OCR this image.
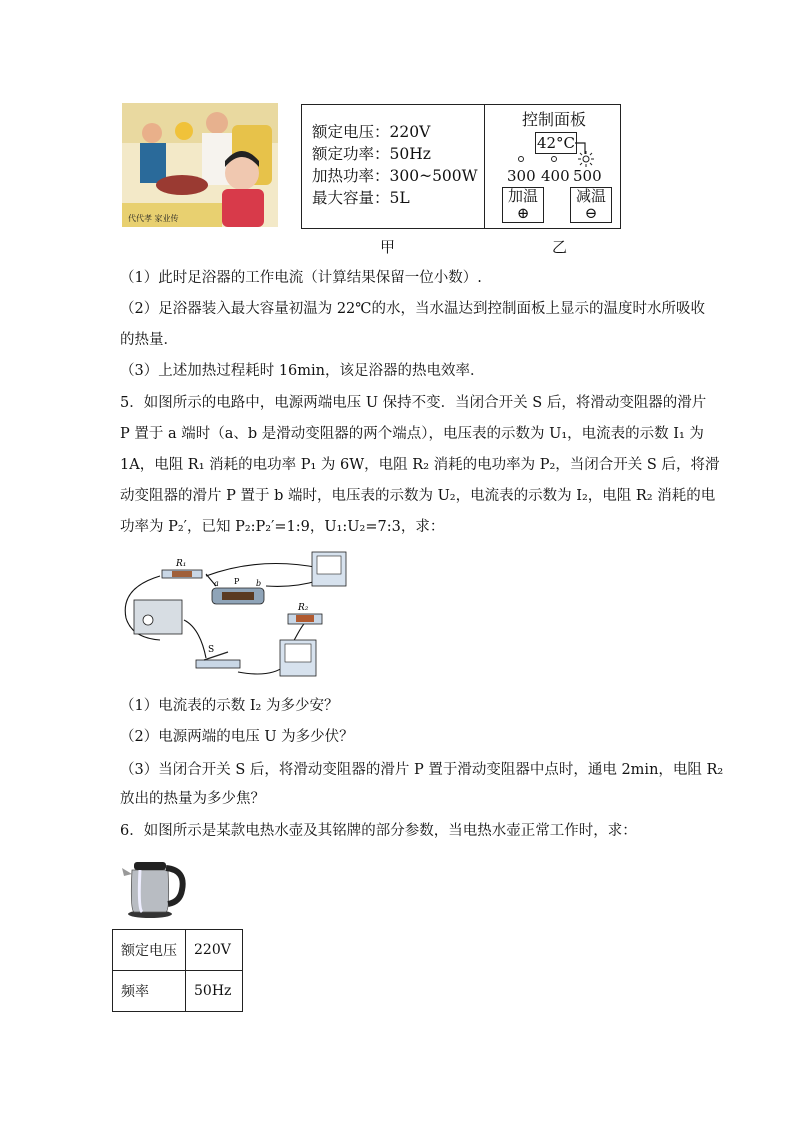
代代孝 家业传
额定电压：220V
额定功率：50Hz
加热功率：300~500W
最大容量：5L
控制面板
42°C
300 400 500
加温
⊕
减温
⊖
甲	乙
（1）此时足浴器的工作电流（计算结果保留一位小数）.
（2）足浴器装入最大容量初温为 22℃的水，当水温达到控制面板上显示的温度时水所吸收
的热量．
（3）上述加热过程耗时 16min，该足浴器的热电效率．
5．如图所示的电路中，电源两端电压 U 保持不变．当闭合开关 S 后，将滑动变阻器的滑片
P 置于 a 端时（a、b 是滑动变阻器的两个端点），电压表的示数为 U₁，电流表的示数 I₁ 为
1A，电阻 R₁ 消耗的电功率 P₁ 为 6W，电阻 R₂ 消耗的电功率为 P₂，当闭合开关 S 后，将滑
动变阻器的滑片 P 置于 b 端时，电压表的示数为 U₂，电流表的示数为 I₂，电阻 R₂ 消耗的电
功率为 P₂′，已知 P₂:P₂′=1:9，U₁:U₂=7:3，求：
R₁
a P b
R₂
S
（1）电流表的示数 I₂ 为多少安？
（2）电源两端的电压 U 为多少伏？
（3）当闭合开关 S 后，将滑动变阻器的滑片 P 置于滑动变阻器中点时，通电 2min，电阻 R₂
放出的热量为多少焦？
6．如图所示是某款电热水壶及其铭牌的部分参数，当电热水壶正常工作时，求：
额定电压	220V
频率	50Hz
